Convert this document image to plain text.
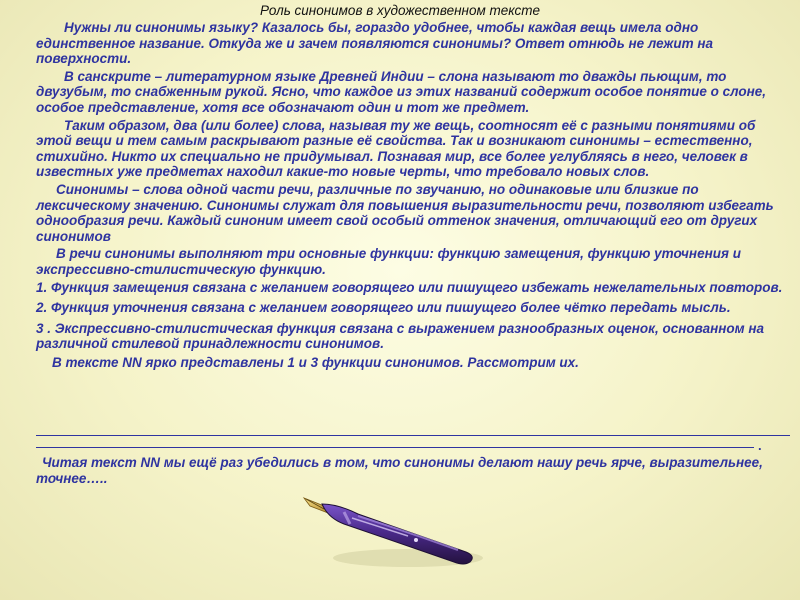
Роль синонимов в художественном тексте

Нужны ли синонимы языку? Казалось бы, гораздо удобнее, чтобы каждая вещь имела одно единственное название. Откуда же и зачем появляются синонимы? Ответ отнюдь не лежит на поверхности.

В санскрите – литературном языке Древней Индии – слона называют то дважды пьющим, то двузубым, то снабженным рукой. Ясно, что каждое из этих названий содержит особое понятие о слоне, особое представление, хотя все обозначают один и тот же предмет.

Таким образом, два (или более) слова, называя ту же вещь, соотносят её с разными понятиями об этой вещи и тем самым раскрывают разные её свойства. Так и возникают синонимы – естественно, стихийно. Никто их специально не придумывал. Познавая мир, все более углубляясь в него, человек в известных уже предметах находил какие-то новые черты, что требовало новых слов.

Синонимы – слова одной части речи, различные по звучанию, но одинаковые или близкие по лексическому значению. Синонимы служат для повышения выразительности речи, позволяют избегать однообразия речи. Каждый синоним имеет свой особый оттенок значения, отличающий его от других синонимов

В речи синонимы выполняют три основные функции: функцию замещения, функцию уточнения и экспрессивно-стилистическую функцию.

1. Функция замещения связана с желанием говорящего или пишущего избежать нежелательных повторов.

2. Функция уточнения связана с желанием говорящего или пишущего более чётко передать мысль.

3 . Экспрессивно-стилистическая функция связана с выражением разнообразных оценок, основанном на различной стилевой принадлежности синонимов.

В тексте NN ярко представлены 1 и 3 функции синонимов. Рассмотрим их.

.
Читая текст NN мы ещё раз убедились в том, что синонимы делают нашу речь ярче, выразительнее, точнее…..
